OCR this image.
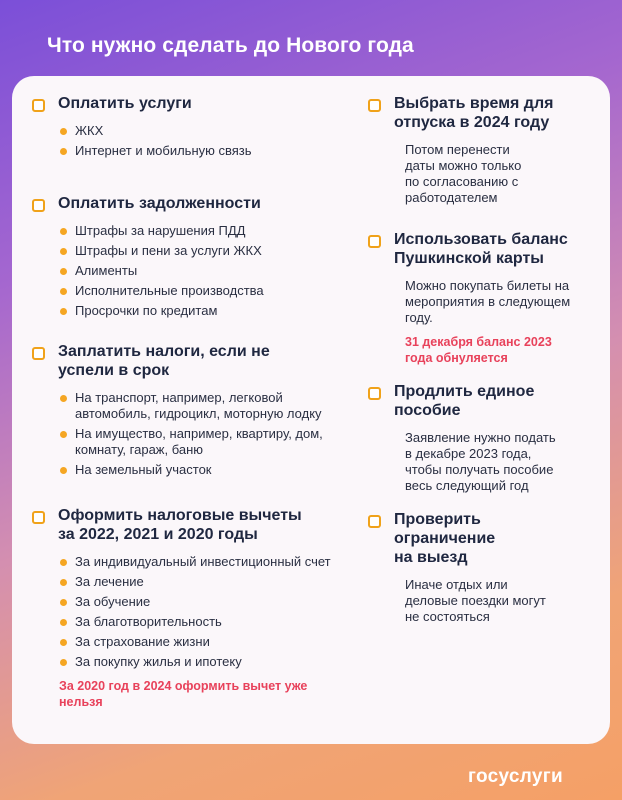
Что нужно сделать до Нового года
Оплатить услуги
ЖКХ
Интернет и мобильную связь
Оплатить задолженности
Штрафы за нарушения ПДД
Штрафы и пени за услуги ЖКХ
Алименты
Исполнительные производства
Просрочки по кредитам
Заплатить налоги, если не успели в срок
На транспорт, например, легковой автомобиль, гидроцикл, моторную лодку
На имущество, например, квартиру, дом, комнату, гараж, баню
На земельный участок
Оформить налоговые вычеты за 2022, 2021 и 2020 годы
За индивидуальный инвестиционный счет
За лечение
За обучение
За благотворительность
За страхование жизни
За покупку жилья и ипотеку
За 2020 год в 2024 оформить вычет уже нельзя
Выбрать время для отпуска в 2024 году
Потом перенести даты можно только по согласованию с работодателем
Использовать баланс Пушкинской карты
Можно покупать билеты на мероприятия в следующем году.
31 декабря баланс 2023 года обнуляется
Продлить единое пособие
Заявление нужно подать в декабре 2023 года, чтобы получать пособие весь следующий год
Проверить ограничение на выезд
Иначе отдых или деловые поездки могут не состояться
госуслуги
